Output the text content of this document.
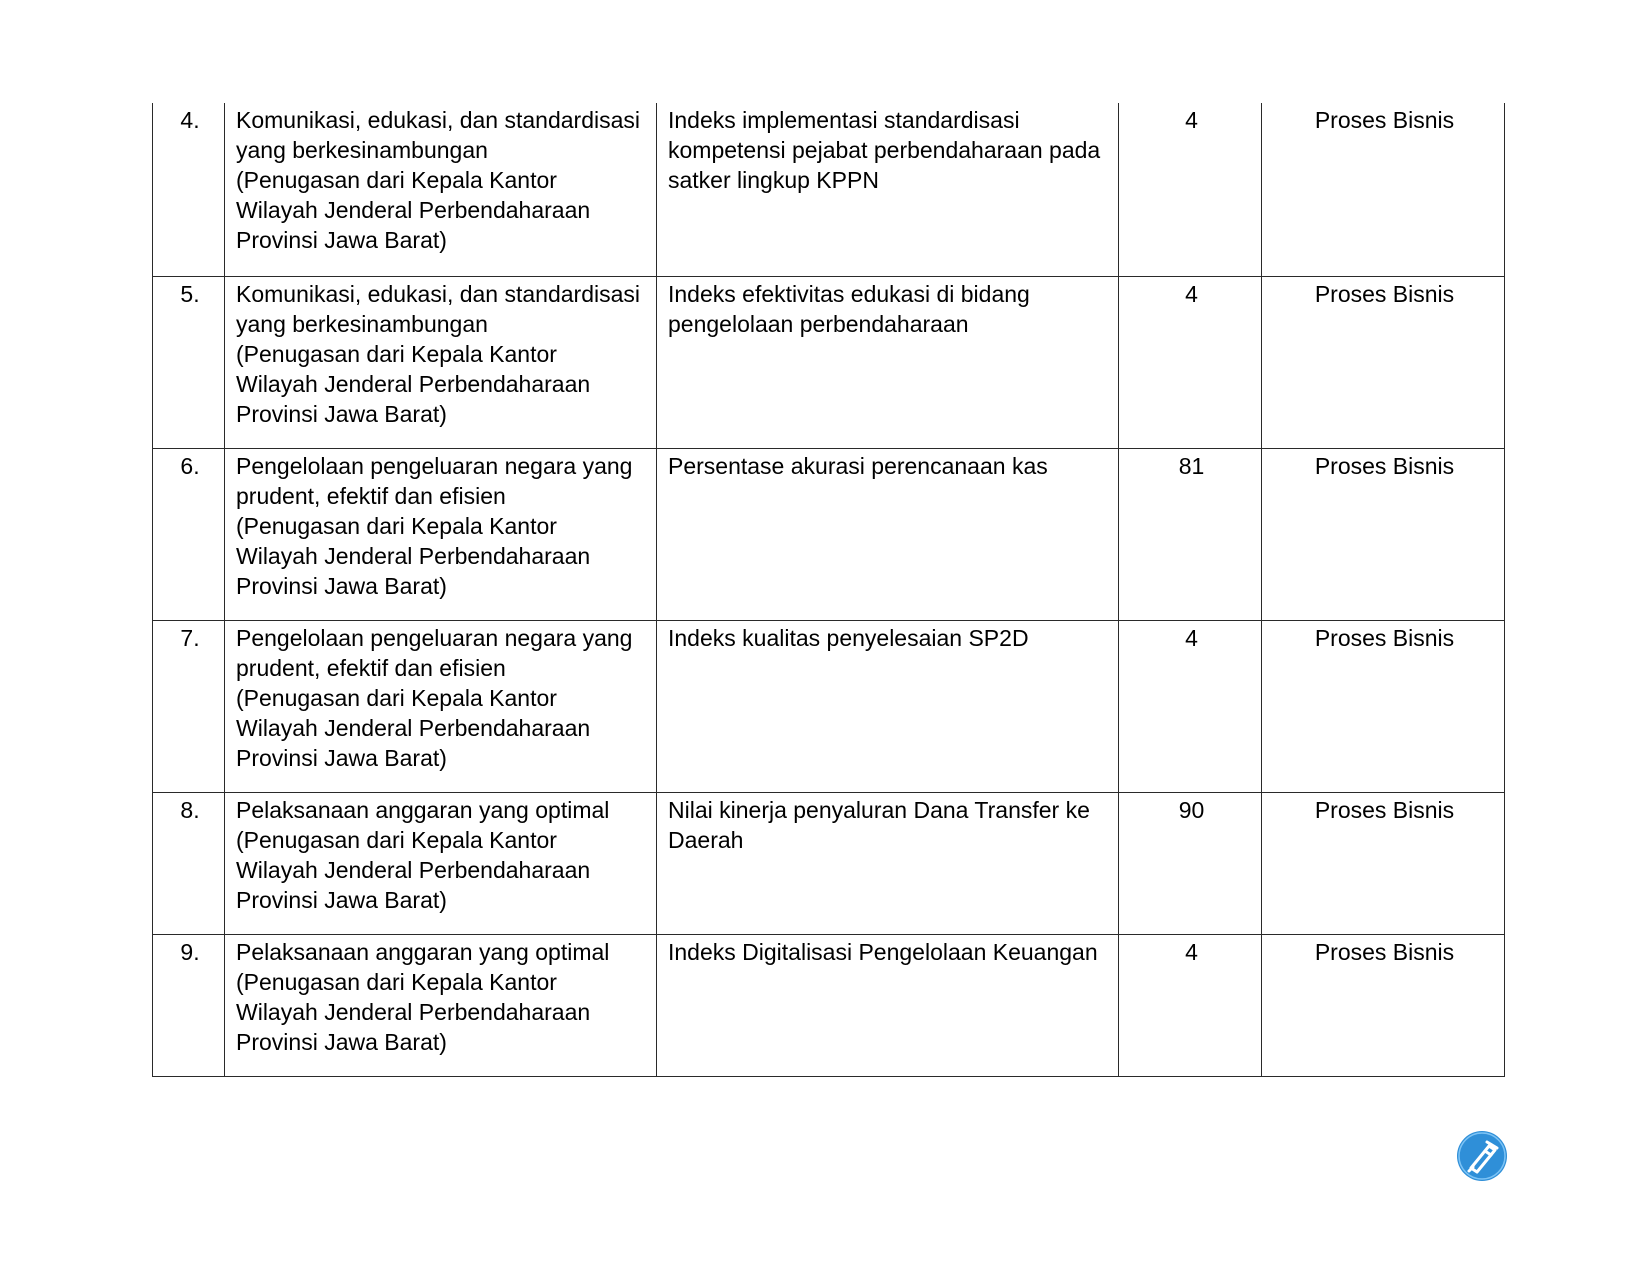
4.	Komunikasi, edukasi, dan standardisasi
yang berkesinambungan
(Penugasan dari Kepala Kantor
Wilayah Jenderal Perbendaharaan
Provinsi Jawa Barat)	Indeks implementasi standardisasi
kompetensi pejabat perbendaharaan pada
satker lingkup KPPN	4	Proses Bisnis
5.	Komunikasi, edukasi, dan standardisasi
yang berkesinambungan
(Penugasan dari Kepala Kantor
Wilayah Jenderal Perbendaharaan
Provinsi Jawa Barat)	Indeks efektivitas edukasi di bidang
pengelolaan perbendaharaan	4	Proses Bisnis
6.	Pengelolaan pengeluaran negara yang
prudent, efektif dan efisien
(Penugasan dari Kepala Kantor
Wilayah Jenderal Perbendaharaan
Provinsi Jawa Barat)	Persentase akurasi perencanaan kas	81	Proses Bisnis
7.	Pengelolaan pengeluaran negara yang
prudent, efektif dan efisien
(Penugasan dari Kepala Kantor
Wilayah Jenderal Perbendaharaan
Provinsi Jawa Barat)	Indeks kualitas penyelesaian SP2D	4	Proses Bisnis
8.	Pelaksanaan anggaran yang optimal
(Penugasan dari Kepala Kantor
Wilayah Jenderal Perbendaharaan
Provinsi Jawa Barat)	Nilai kinerja penyaluran Dana Transfer ke
Daerah	90	Proses Bisnis
9.	Pelaksanaan anggaran yang optimal
(Penugasan dari Kepala Kantor
Wilayah Jenderal Perbendaharaan
Provinsi Jawa Barat)	Indeks Digitalisasi Pengelolaan Keuangan	4	Proses Bisnis
